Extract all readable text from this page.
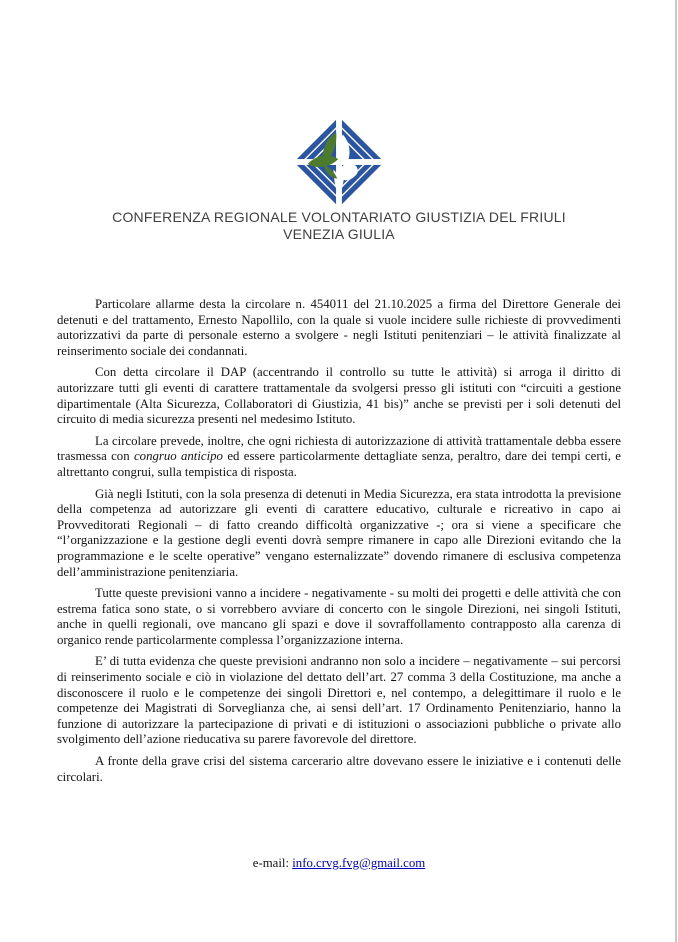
CONFERENZA REGIONALE VOLONTARIATO GIUSTIZIA DEL FRIULI
VENEZIA GIULIA

Particolare allarme desta la circolare n. 454011 del 21.10.2025 a firma del Direttore Generale dei detenuti e del trattamento, Ernesto Napollilo, con la quale si vuole incidere sulle richieste di provvedimenti autorizzativi da parte di personale esterno a svolgere - negli Istituti penitenziari – le attività finalizzate al reinserimento sociale dei condannati.

Con detta circolare il DAP (accentrando il controllo su tutte le attività) si arroga il diritto di autorizzare tutti gli eventi di carattere trattamentale da svolgersi presso gli istituti con “circuiti a gestione dipartimentale (Alta Sicurezza, Collaboratori di Giustizia, 41 bis)” anche se previsti per i soli detenuti del circuito di media sicurezza presenti nel medesimo Istituto.

La circolare prevede, inoltre, che ogni richiesta di autorizzazione di attività trattamentale debba essere trasmessa con congruo anticipo ed essere particolarmente dettagliate senza, peraltro, dare dei tempi certi, e altrettanto congrui, sulla tempistica di risposta.

Già negli Istituti, con la sola presenza di detenuti in Media Sicurezza, era stata introdotta la previsione della competenza ad autorizzare gli eventi di carattere educativo, culturale e ricreativo in capo ai Provveditorati Regionali – di fatto creando difficoltà organizzative -; ora si viene a specificare che “l’organizzazione e la gestione degli eventi dovrà sempre rimanere in capo alle Direzioni evitando che la programmazione e le scelte operative” vengano esternalizzate” dovendo rimanere di esclusiva competenza dell’amministrazione penitenziaria.

Tutte queste previsioni vanno a incidere - negativamente - su molti dei progetti e delle attività che con estrema fatica sono state, o si vorrebbero avviare di concerto con le singole Direzioni, nei singoli Istituti, anche in quelli regionali, ove mancano gli spazi e dove il sovraffollamento contrapposto alla carenza di organico rende particolarmente complessa l’organizzazione interna.

E’ di tutta evidenza che queste previsioni andranno non solo a incidere – negativamente – sui percorsi di reinserimento sociale e ciò in violazione del dettato dell’art. 27 comma 3 della Costituzione, ma anche a disconoscere il ruolo e le competenze dei singoli Direttori e, nel contempo, a delegittimare il ruolo e le competenze dei Magistrati di Sorveglianza che, ai sensi dell’art. 17 Ordinamento Penitenziario, hanno la funzione di autorizzare la partecipazione di privati e di istituzioni o associazioni pubbliche o private allo svolgimento dell’azione rieducativa su parere favorevole del direttore.

A fronte della grave crisi del sistema carcerario altre dovevano essere le iniziative e i contenuti delle circolari.

e-mail: info.crvg.fvg@gmail.com
